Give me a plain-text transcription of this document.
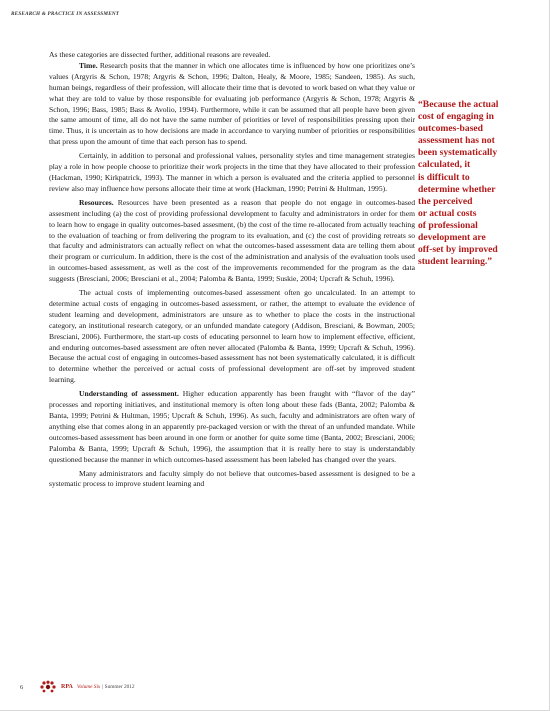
RESEARCH & PRACTICE IN ASSESSMENT

As these categories are dissected further, additional reasons are revealed.

Time. Research posits that the manner in which one allocates time is influenced by how one prioritizes one’s values (Argyris & Schon, 1978; Argyris & Schon, 1996; Dalton, Healy, & Moore, 1985; Sandeen, 1985). As such, human beings, regardless of their profession, will allocate their time that is devoted to work based on what they value or what they are told to value by those responsible for evaluating job performance (Argyris & Schon, 1978; Argyris & Schon, 1996; Bass, 1985; Bass & Avolio, 1994). Furthermore, while it can be assumed that all people have been given the same amount of time, all do not have the same number of priorities or level of responsibilities pressing upon their time. Thus, it is uncertain as to how decisions are made in accordance to varying number of priorities or responsibilities that press upon the amount of time that each person has to spend.

Certainly, in addition to personal and professional values, personality styles and time management strategies play a role in how people choose to prioritize their work projects in the time that they have allocated to their profession (Hackman, 1990; Kirkpatrick, 1993). The manner in which a person is evaluated and the criteria applied to personnel review also may influence how persons allocate their time at work (Hackman, 1990; Petrini & Hultman, 1995).

Resources. Resources have been presented as a reason that people do not engage in outcomes-based assesment including (a) the cost of providing professional development to faculty and administrators in order for them to learn how to engage in quality outcomes-based assesment, (b) the cost of the time re-allocated from actually teaching to the evaluation of teaching or from delivering the program to its evaluation, and (c) the cost of providing retreats so that faculty and administrators can actually reflect on what the outcomes-based assessment data are telling them about their program or curriculum. In addition, there is the cost of the administration and analysis of the evaluation tools used in outcomes-based assessment, as well as the cost of the improvements recommended for the program as the data suggests (Bresciani, 2006; Bresciani et al., 2004; Palomba & Banta, 1999; Suskie, 2004; Upcraft & Schuh, 1996).

The actual costs of implementing outcomes-based assessment often go uncalculated. In an attempt to determine actual costs of engaging in outcomes-based assessment, or rather, the attempt to evaluate the evidence of student learning and development, administrators are unsure as to whether to place the costs in the instructional category, an institutional research category, or an unfunded mandate category (Addison, Bresciani, & Bowman, 2005; Bresciani, 2006). Furthermore, the start-up costs of educating personnel to learn how to implement effective, efficient, and enduring outcomes-based assessment are often never allocated (Palomba & Banta, 1999; Upcraft & Schuh, 1996). Because the actual cost of engaging in outcomes-based assessment has not been systematically calculated, it is difficult to determine whether the perceived or actual costs of professional development are off-set by improved student learning.

Understanding of assessment. Higher education apparently has been fraught with “flavor of the day” processes and reporting initiatives, and institutional memory is often long about these fads (Banta, 2002; Palomba & Banta, 1999; Petrini & Hultman, 1995; Upcraft & Schuh, 1996). As such, faculty and administrators are often wary of anything else that comes along in an apparently pre-packaged version or with the threat of an unfunded mandate. While outcomes-based assessment has been around in one form or another for quite some time (Banta, 2002; Bresciani, 2006; Palomba & Banta, 1999; Upcraft & Schuh, 1996), the assumption that it is really here to stay is understandably questioned because the manner in which outcomes-based assessment has been labeled has changed over the years.

Many administrators and faculty simply do not believe that outcomes-based assessment is designed to be a systematic process to improve student learning and

“Because the actual
cost of engaging in
outcomes-based
assessment has not
been systematically
calculated, it
is difficult to
determine whether
the perceived
or actual costs
of professional
development are
off-set by improved
student learning.”
6	RPA Volume Six | Summer 2012
